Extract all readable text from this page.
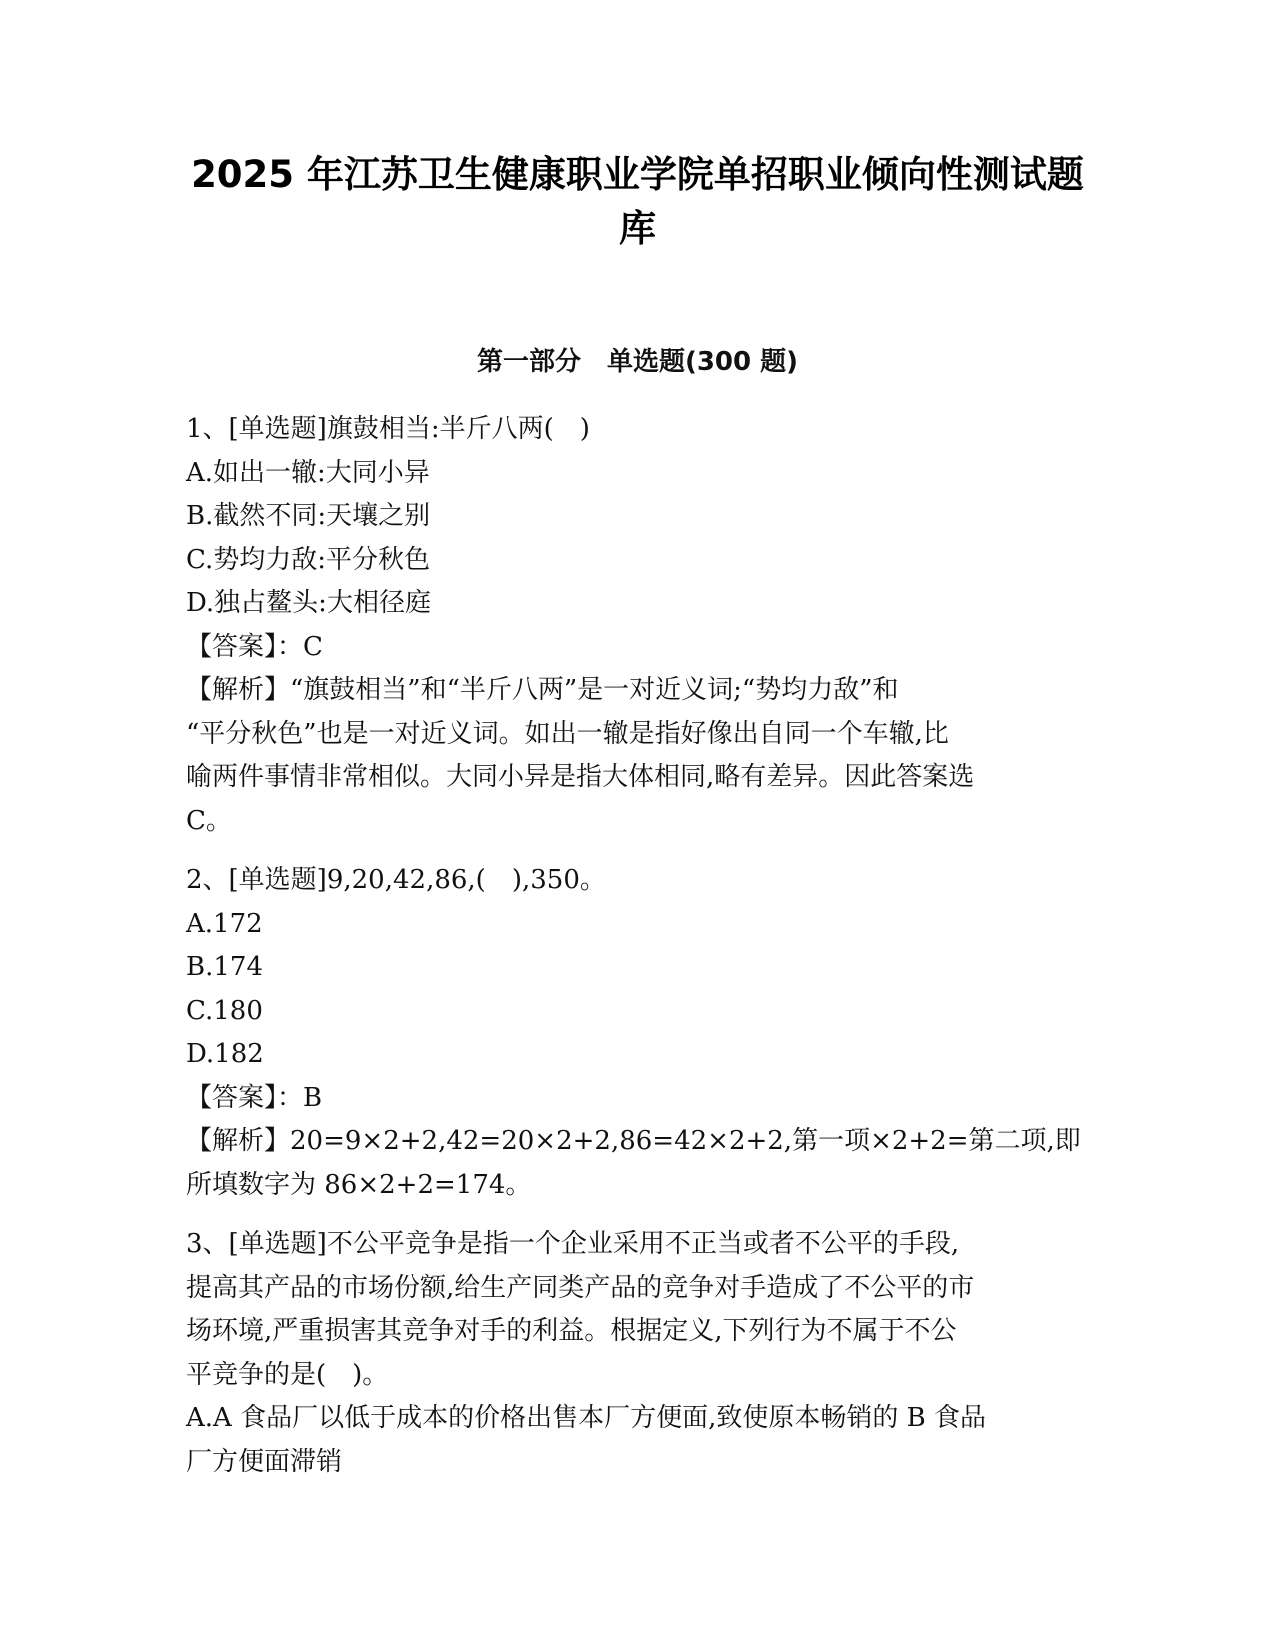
2025 年江苏卫生健康职业学院单招职业倾向性测试题
库
第一部分　单选题(300 题)
1、[单选题]旗鼓相当:半斤八两(　)
A.如出一辙:大同小异
B.截然不同:天壤之别
C.势均力敌:平分秋色
D.独占鳌头:大相径庭
【答案】：C
【解析】“旗鼓相当”和“半斤八两”是一对近义词;“势均力敌”和
“平分秋色”也是一对近义词。如出一辙是指好像出自同一个车辙,比
喻两件事情非常相似。大同小异是指大体相同,略有差异。因此答案选
C。
2、[单选题]9,20,42,86,(　),350。
A.172
B.174
C.180
D.182
【答案】：B
【解析】20=9×2+2,42=20×2+2,86=42×2+2,第一项×2+2=第二项,即
所填数字为 86×2+2=174。
3、[单选题]不公平竞争是指一个企业采用不正当或者不公平的手段,
提高其产品的市场份额,给生产同类产品的竞争对手造成了不公平的市
场环境,严重损害其竞争对手的利益。根据定义,下列行为不属于不公
平竞争的是(　)。
A.A 食品厂以低于成本的价格出售本厂方便面,致使原本畅销的 B 食品
厂方便面滞销
